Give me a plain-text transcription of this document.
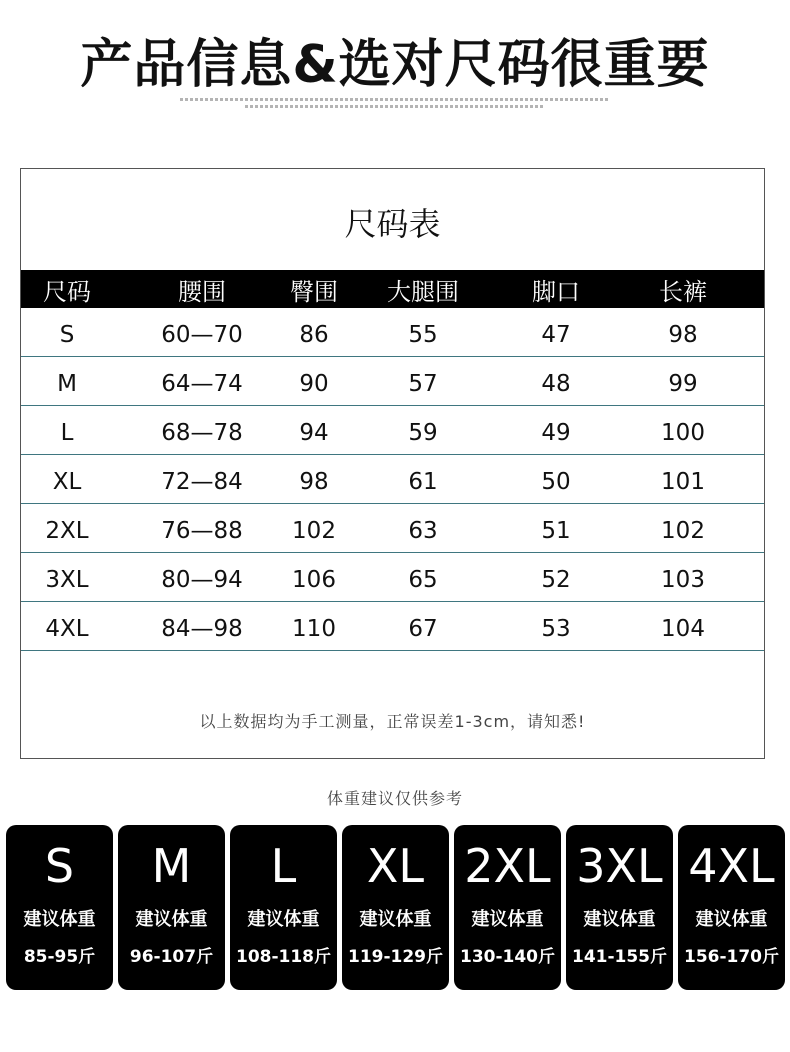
产品信息&选对尺码很重要
尺码表
尺码	腰围	臀围	大腿围	脚口	长裤
S	60—70	86	55	47	98
M	64—74	90	57	48	99
L	68—78	94	59	49	100
XL	72—84	98	61	50	101
2XL	76—88	102	63	51	102
3XL	80—94	106	65	52	103
4XL	84—98	110	67	53	104
以上数据均为手工测量，正常误差1-3cm，请知悉!
体重建议仅供参考
S
建议体重
85-95斤
M
建议体重
96-107斤
L
建议体重
108-118斤
XL
建议体重
119-129斤
2XL
建议体重
130-140斤
3XL
建议体重
141-155斤
4XL
建议体重
156-170斤
